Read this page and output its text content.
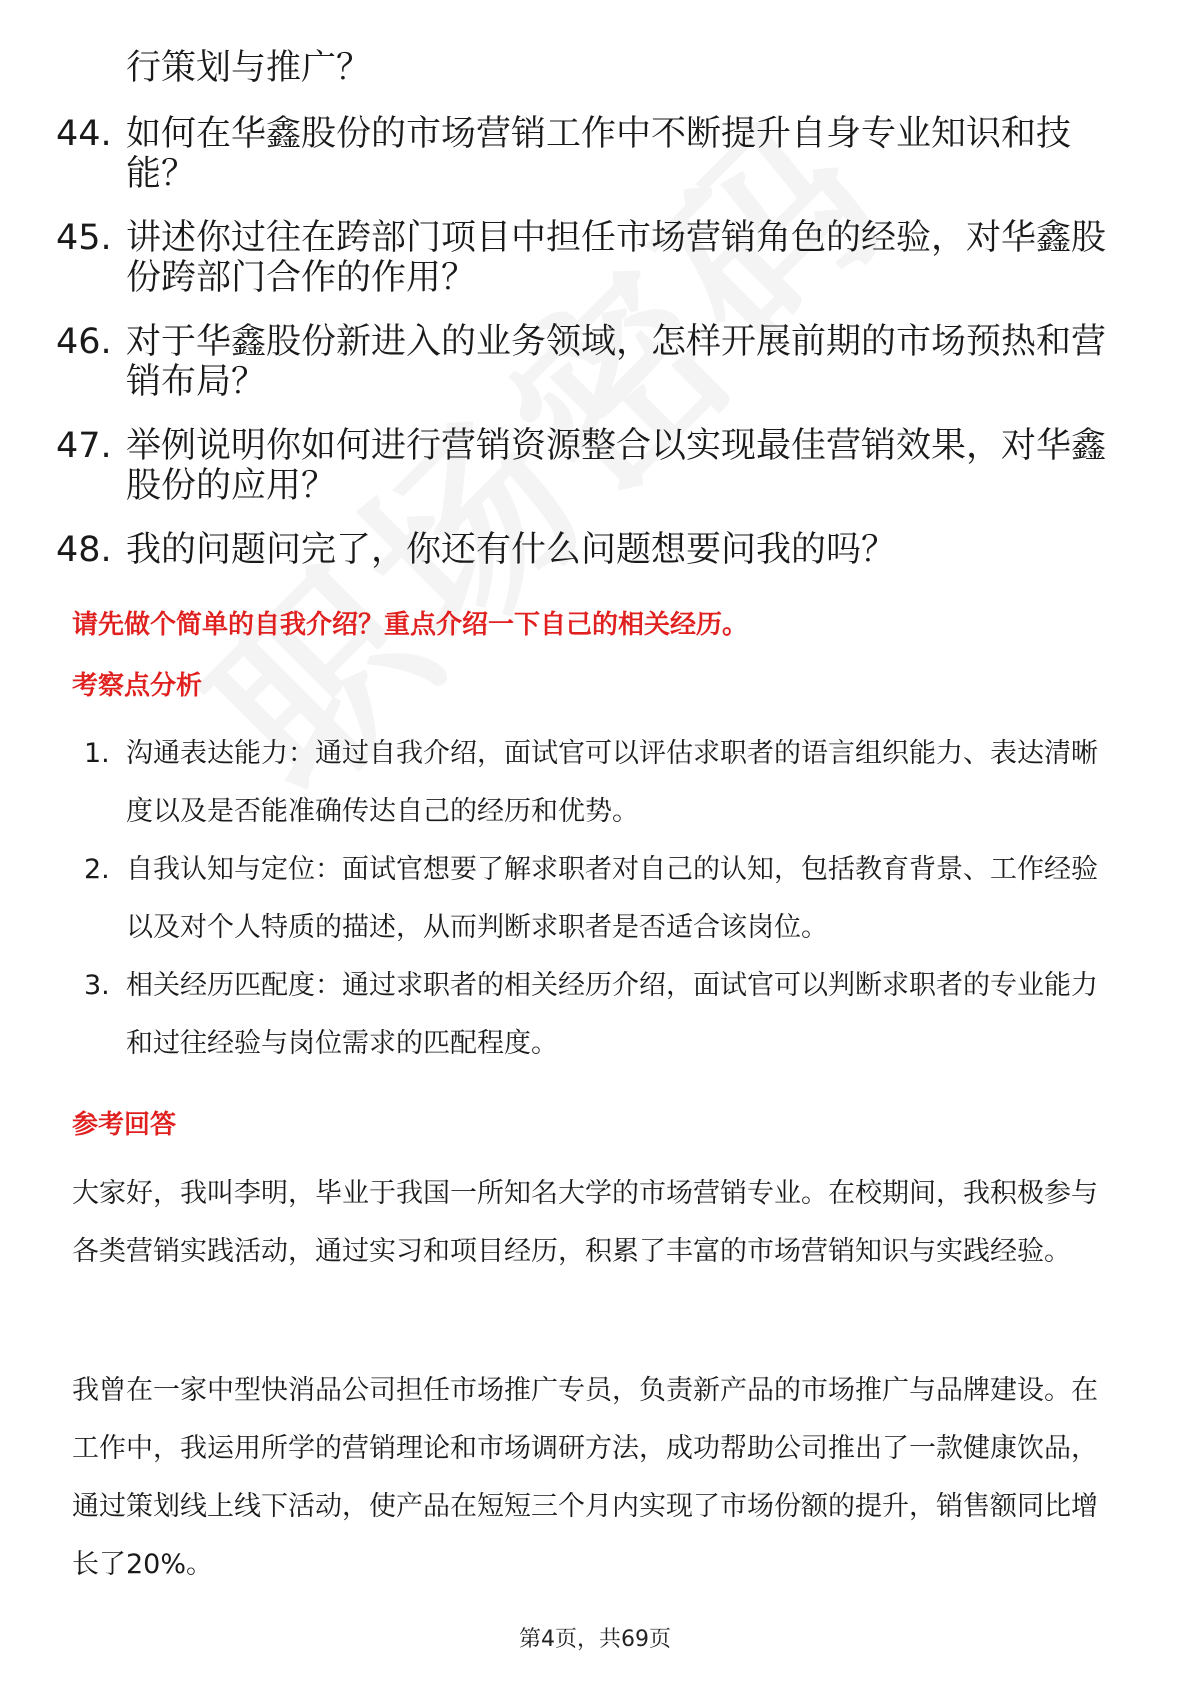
行策划与推广？
44. 如何在华鑫股份的市场营销工作中不断提升自身专业知识和技能？
45. 讲述你过往在跨部门项目中担任市场营销角色的经验，对华鑫股份跨部门合作的作用？
46. 对于华鑫股份新进入的业务领域，怎样开展前期的市场预热和营销布局？
47. 举例说明你如何进行营销资源整合以实现最佳营销效果，对华鑫股份的应用？
48. 我的问题问完了，你还有什么问题想要问我的吗？
请先做个简单的自我介绍？重点介绍一下自己的相关经历。
考察点分析
1. 沟通表达能力：通过自我介绍，面试官可以评估求职者的语言组织能力、表达清晰度以及是否能准确传达自己的经历和优势。
2. 自我认知与定位：面试官想要了解求职者对自己的认知，包括教育背景、工作经验以及对个人特质的描述，从而判断求职者是否适合该岗位。
3. 相关经历匹配度：通过求职者的相关经历介绍，面试官可以判断求职者的专业能力和过往经验与岗位需求的匹配程度。
参考回答

大家好，我叫李明，毕业于我国一所知名大学的市场营销专业。在校期间，我积极参与各类营销实践活动，通过实习和项目经历，积累了丰富的市场营销知识与实践经验。

我曾在一家中型快消品公司担任市场推广专员，负责新产品的市场推广与品牌建设。在工作中，我运用所学的营销理论和市场调研方法，成功帮助公司推出了一款健康饮品，通过策划线上线下活动，使产品在短短三个月内实现了市场份额的提升，销售额同比增长了20%。

第4页，共69页
